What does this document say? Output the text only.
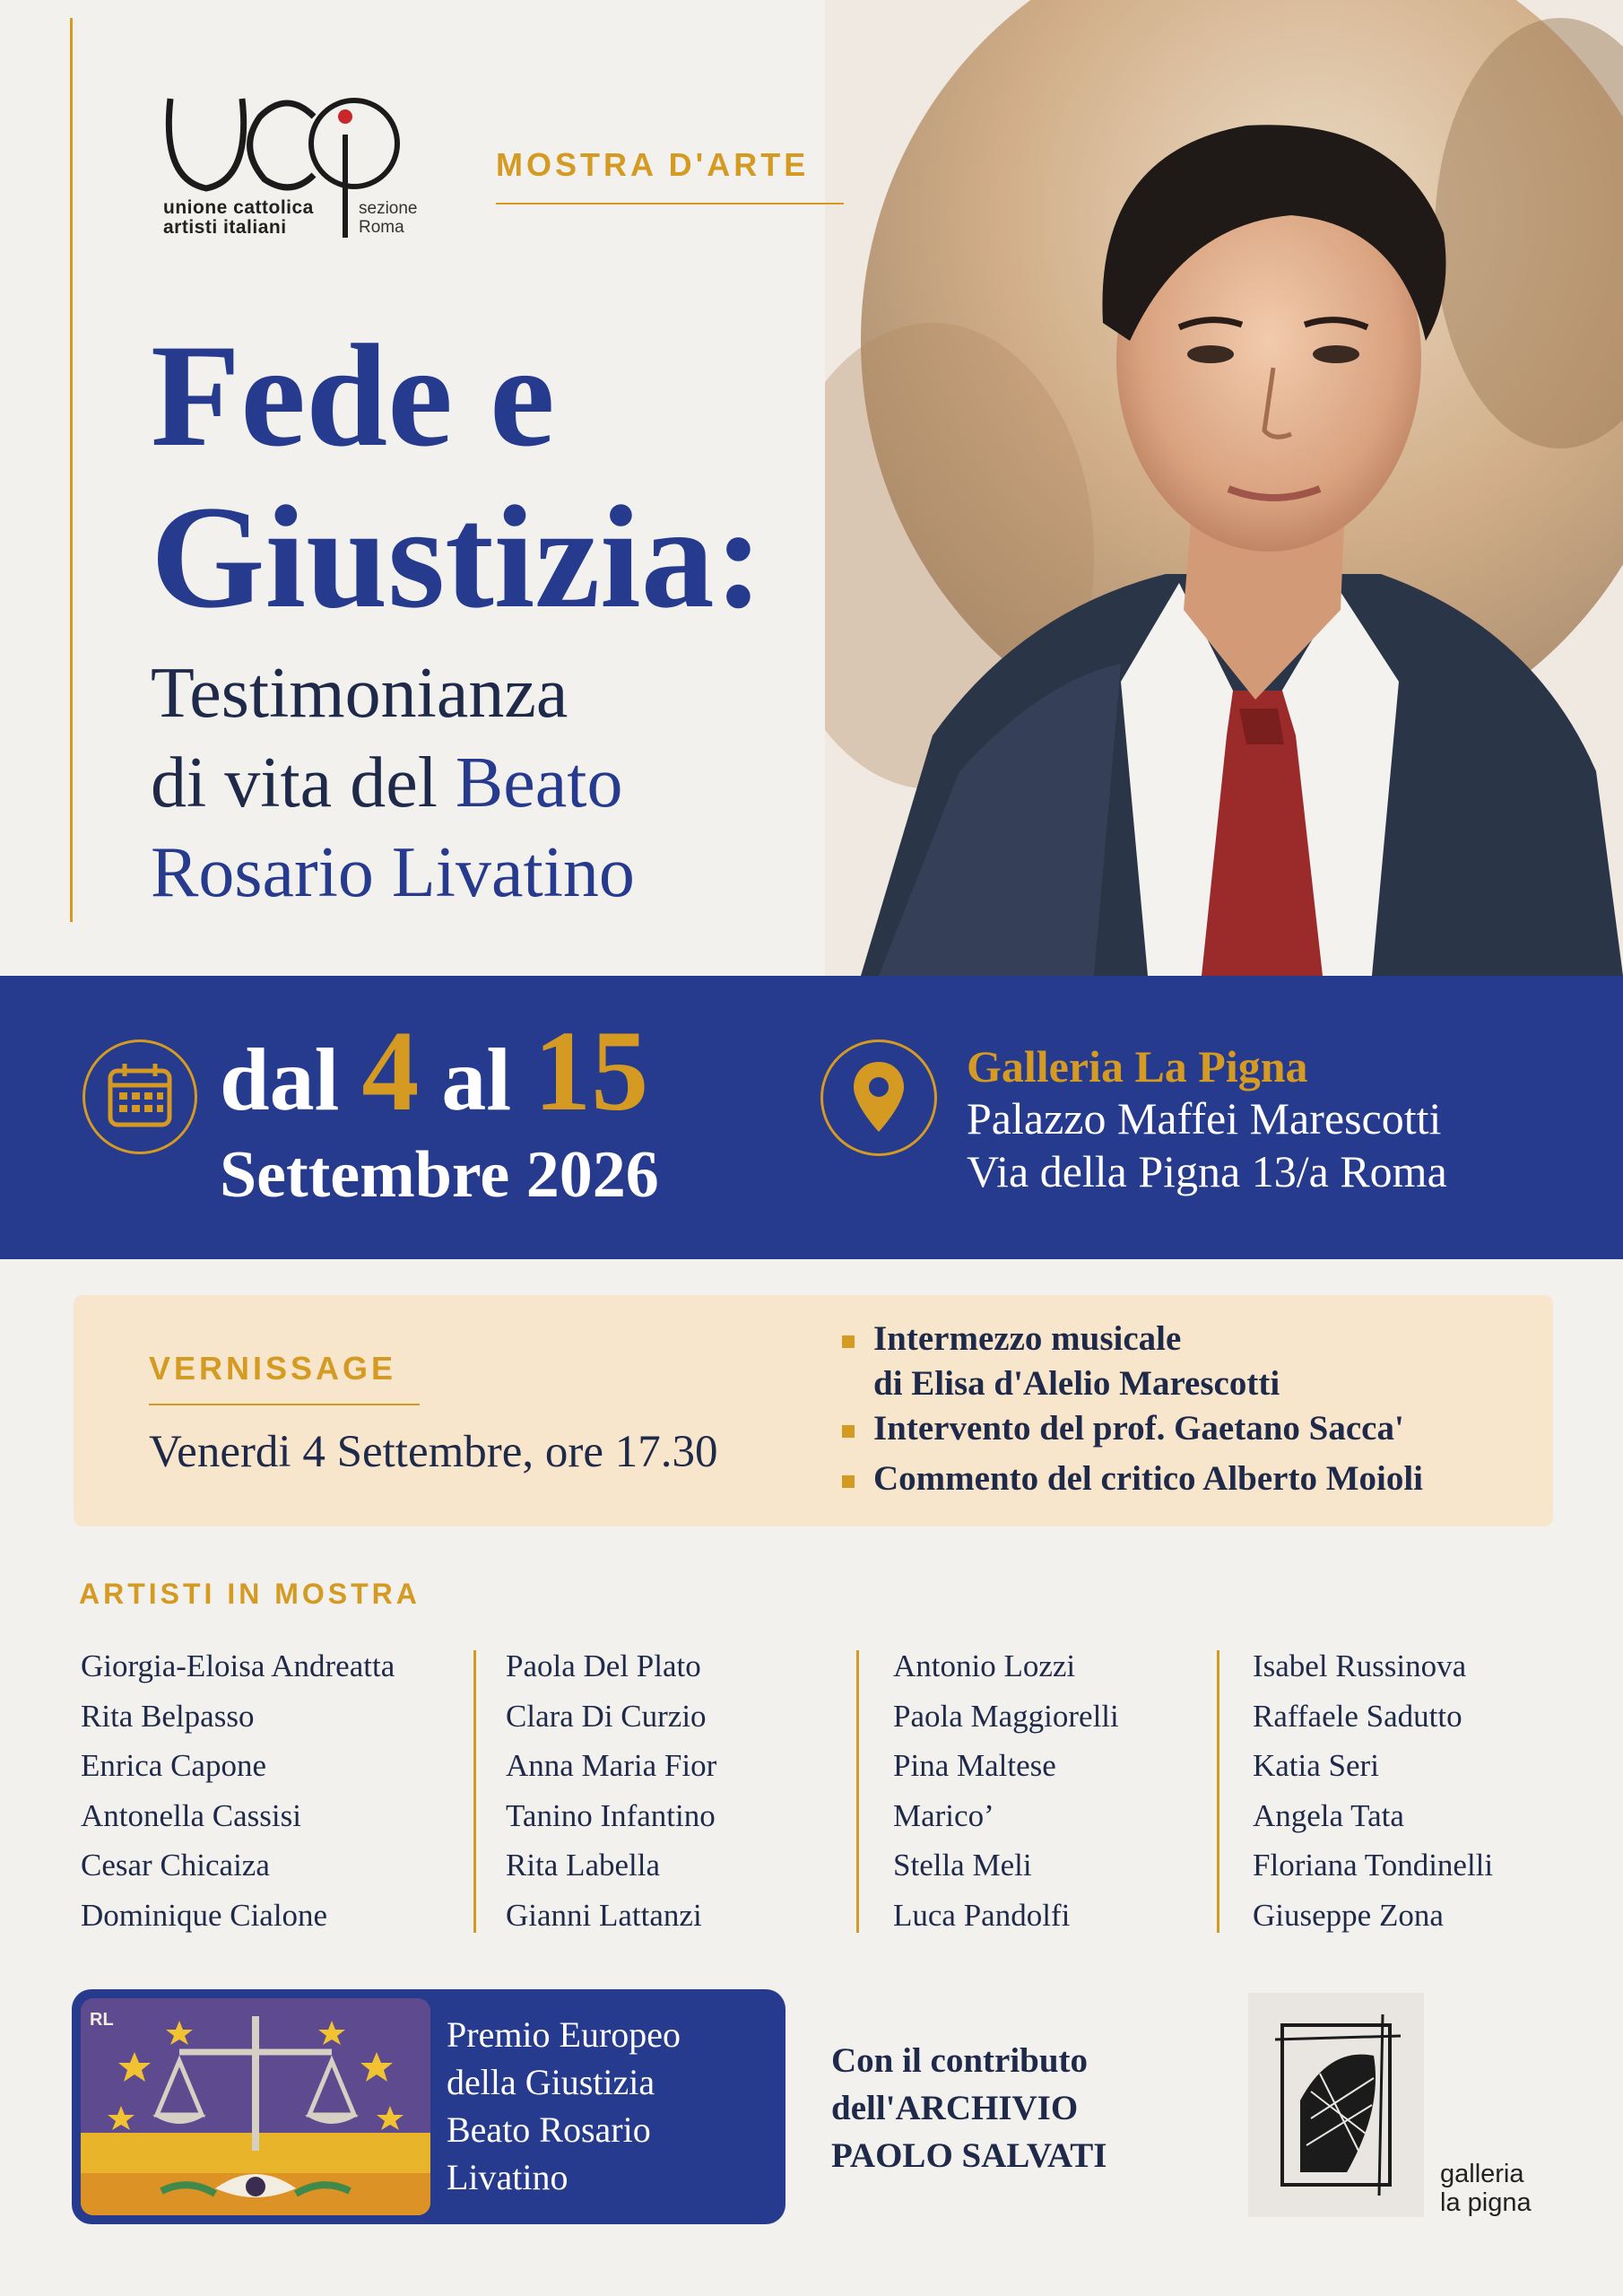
unione cattolica
artisti italiani
sezione
Roma
MOSTRA D'ARTE
Fede e
Giustizia:
Testimonianza
di vita del Beato
Rosario Livatino
dal 4 al 15
Settembre 2026
Galleria La Pigna
Palazzo Maffei Marescotti
Via della Pigna 13/a Roma
VERNISSAGE
Venerdi 4 Settembre, ore 17.30
Intermezzo musicale
di Elisa d'Alelio Marescotti
Intervento del prof. Gaetano Sacca'
Commento del critico Alberto Moioli
ARTISTI IN MOSTRA
Giorgia-Eloisa Andreatta
Rita Belpasso
Enrica Capone
Antonella Cassisi
Cesar Chicaiza
Dominique Cialone
Paola Del Plato
Clara Di Curzio
Anna Maria Fior
Tanino Infantino
Rita Labella
Gianni Lattanzi
Antonio Lozzi
Paola Maggiorelli
Pina Maltese
Marico’
Stella Meli
Luca Pandolfi
Isabel Russinova
Raffaele Sadutto
Katia Seri
Angela Tata
Floriana Tondinelli
Giuseppe Zona
RL	Premio Europeo
della Giustizia
Beato Rosario
Livatino
Con il contributo
dell'ARCHIVIO
PAOLO SALVATI	galleria
la pigna
